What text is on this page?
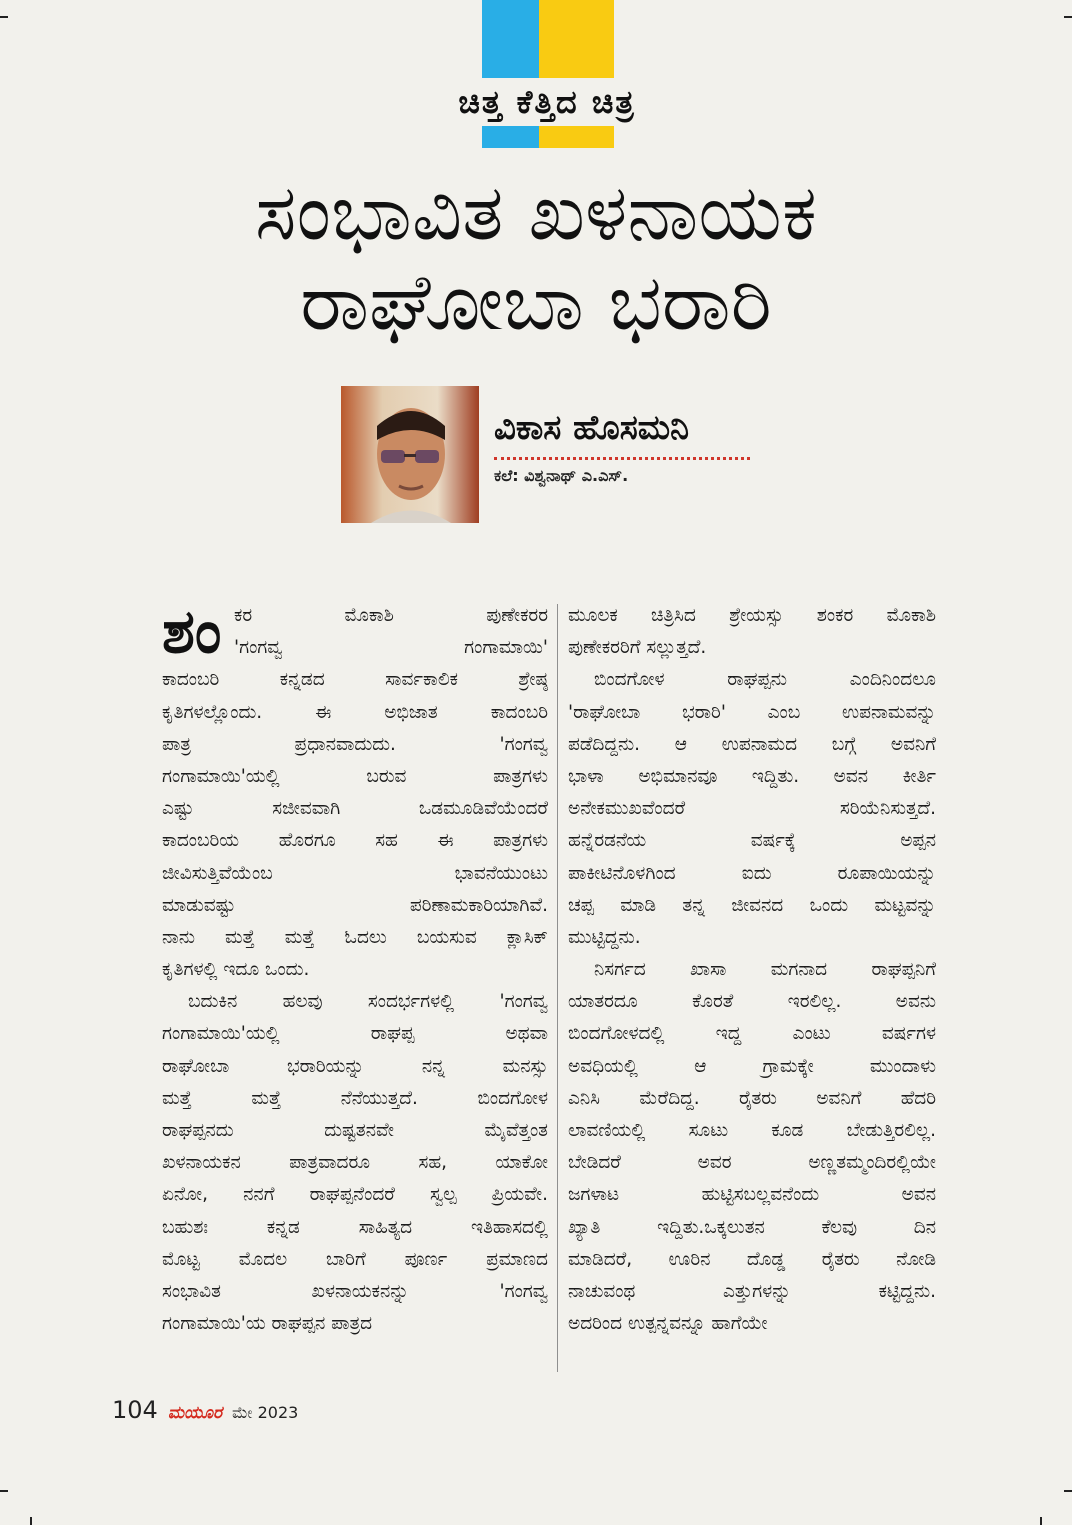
ಚಿತ್ತ ಕೆತ್ತಿದ ಚಿತ್ರ
ಸಂಭಾವಿತ ಖಳನಾಯಕ
ರಾಘೋಬಾ ಭರಾರಿ
ವಿಕಾಸ ಹೊಸಮನಿ
ಕಲೆ: ವಿಶ್ವನಾಥ್ ಎ.ಎಸ್.
ಶಂ ಕರ ಮೊಕಾಶಿ ಪುಣೇಕರರ
'ಗಂಗವ್ವ ಗಂಗಾಮಾಯಿ'
ಕಾದಂಬರಿ ಕನ್ನಡದ ಸಾರ್ವಕಾಲಿಕ ಶ್ರೇಷ್ಠ
ಕೃತಿಗಳಲ್ಲೊಂದು. ಈ ಅಭಿಜಾತ ಕಾದಂಬರಿ
ಪಾತ್ರ ಪ್ರಧಾನವಾದುದು. 'ಗಂಗವ್ವ
ಗಂಗಾಮಾಯಿ'ಯಲ್ಲಿ ಬರುವ ಪಾತ್ರಗಳು
ಎಷ್ಟು ಸಜೀವವಾಗಿ ಒಡಮೂಡಿವೆಯೆಂದರೆ
ಕಾದಂಬರಿಯ ಹೊರಗೂ ಸಹ ಈ ಪಾತ್ರಗಳು
ಜೀವಿಸುತ್ತಿವೆಯೆಂಬ ಭಾವನೆಯುಂಟು
ಮಾಡುವಷ್ಟು ಪರಿಣಾಮಕಾರಿಯಾಗಿವೆ.
ನಾನು ಮತ್ತೆ ಮತ್ತೆ ಓದಲು ಬಯಸುವ ಕ್ಲಾಸಿಕ್
ಕೃತಿಗಳಲ್ಲಿ ಇದೂ ಒಂದು.
ಬದುಕಿನ ಹಲವು ಸಂದರ್ಭಗಳಲ್ಲಿ 'ಗಂಗವ್ವ
ಗಂಗಾಮಾಯಿ'ಯಲ್ಲಿ ರಾಘಪ್ಪ ಅಥವಾ
ರಾಘೋಬಾ ಭರಾರಿಯನ್ನು ನನ್ನ ಮನಸ್ಸು
ಮತ್ತೆ ಮತ್ತೆ ನೆನೆಯುತ್ತದೆ. ಬಿಂದಗೋಳ
ರಾಘಪ್ಪನದು ದುಷ್ಟತನವೇ ಮೈವೆತ್ತಂತ
ಖಳನಾಯಕನ ಪಾತ್ರವಾದರೂ ಸಹ, ಯಾಕೋ
ಏನೋ, ನನಗೆ ರಾಘಪ್ಪನೆಂದರೆ ಸ್ವಲ್ಪ ಪ್ರಿಯವೇ.
ಬಹುಶಃ ಕನ್ನಡ ಸಾಹಿತ್ಯದ ಇತಿಹಾಸದಲ್ಲಿ
ಮೊಟ್ಟ ಮೊದಲ ಬಾರಿಗೆ ಪೂರ್ಣ ಪ್ರಮಾಣದ
ಸಂಭಾವಿತ ಖಳನಾಯಕನನ್ನು 'ಗಂಗವ್ವ
ಗಂಗಾಮಾಯಿ'ಯ ರಾಘಪ್ಪನ ಪಾತ್ರದ
ಮೂಲಕ ಚಿತ್ರಿಸಿದ ಶ್ರೇಯಸ್ಸು ಶಂಕರ ಮೊಕಾಶಿ
ಪುಣೇಕರರಿಗೆ ಸಲ್ಲುತ್ತದೆ.
ಬಿಂದಗೋಳ ರಾಘಪ್ಪನು ಎಂದಿನಿಂದಲೂ
'ರಾಘೋಬಾ ಭರಾರಿ' ಎಂಬ ಉಪನಾಮವನ್ನು
ಪಡೆದಿದ್ದನು. ಆ ಉಪನಾಮದ ಬಗ್ಗೆ ಅವನಿಗೆ
ಭಾಳಾ ಅಭಿಮಾನವೂ ಇದ್ದಿತು. ಅವನ ಕೀರ್ತಿ
ಅನೇಕಮುಖವೆಂದರೆ ಸರಿಯೆನಿಸುತ್ತದೆ.
ಹನ್ನೆರಡನೆಯ ವರ್ಷಕ್ಕೆ ಅಪ್ಪನ
ಪಾಕೀಟಿನೊಳಗಿಂದ ಐದು ರೂಪಾಯಿಯನ್ನು
ಚಪ್ಪ ಮಾಡಿ ತನ್ನ ಜೀವನದ ಒಂದು ಮಟ್ಟವನ್ನು
ಮುಟ್ಟಿದ್ದನು.
ನಿಸರ್ಗದ ಖಾಸಾ ಮಗನಾದ ರಾಘಪ್ಪನಿಗೆ
ಯಾತರದೂ ಕೊರತೆ ಇರಲಿಲ್ಲ. ಅವನು
ಬಿಂದಗೋಳದಲ್ಲಿ ಇದ್ದ ಎಂಟು ವರ್ಷಗಳ
ಅವಧಿಯಲ್ಲಿ ಆ ಗ್ರಾಮಕ್ಕೇ ಮುಂದಾಳು
ಎನಿಸಿ ಮೆರೆದಿದ್ದ. ರೈತರು ಅವನಿಗೆ ಹೆದರಿ
ಲಾವಣಿಯಲ್ಲಿ ಸೂಟು ಕೂಡ ಬೇಡುತ್ತಿರಲಿಲ್ಲ.
ಬೇಡಿದರೆ ಅವರ ಅಣ್ಣತಮ್ಮಂದಿರಲ್ಲಿಯೇ
ಜಗಳಾಟ ಹುಟ್ಟಿಸಬಲ್ಲವನೆಂದು ಅವನ
ಖ್ಯಾತಿ ಇದ್ದಿತು.ಒಕ್ಕಲುತನ ಕೆಲವು ದಿನ
ಮಾಡಿದರೆ, ಊರಿನ ದೊಡ್ಡ ರೈತರು ನೋಡಿ
ನಾಚುವಂಥ ಎತ್ತುಗಳನ್ನು ಕಟ್ಟಿದ್ದನು.
ಅದರಿಂದ ಉತ್ಪನ್ನವನ್ನೂ ಹಾಗೆಯೇ
104 ಮಯೂರ ಮೇ 2023
